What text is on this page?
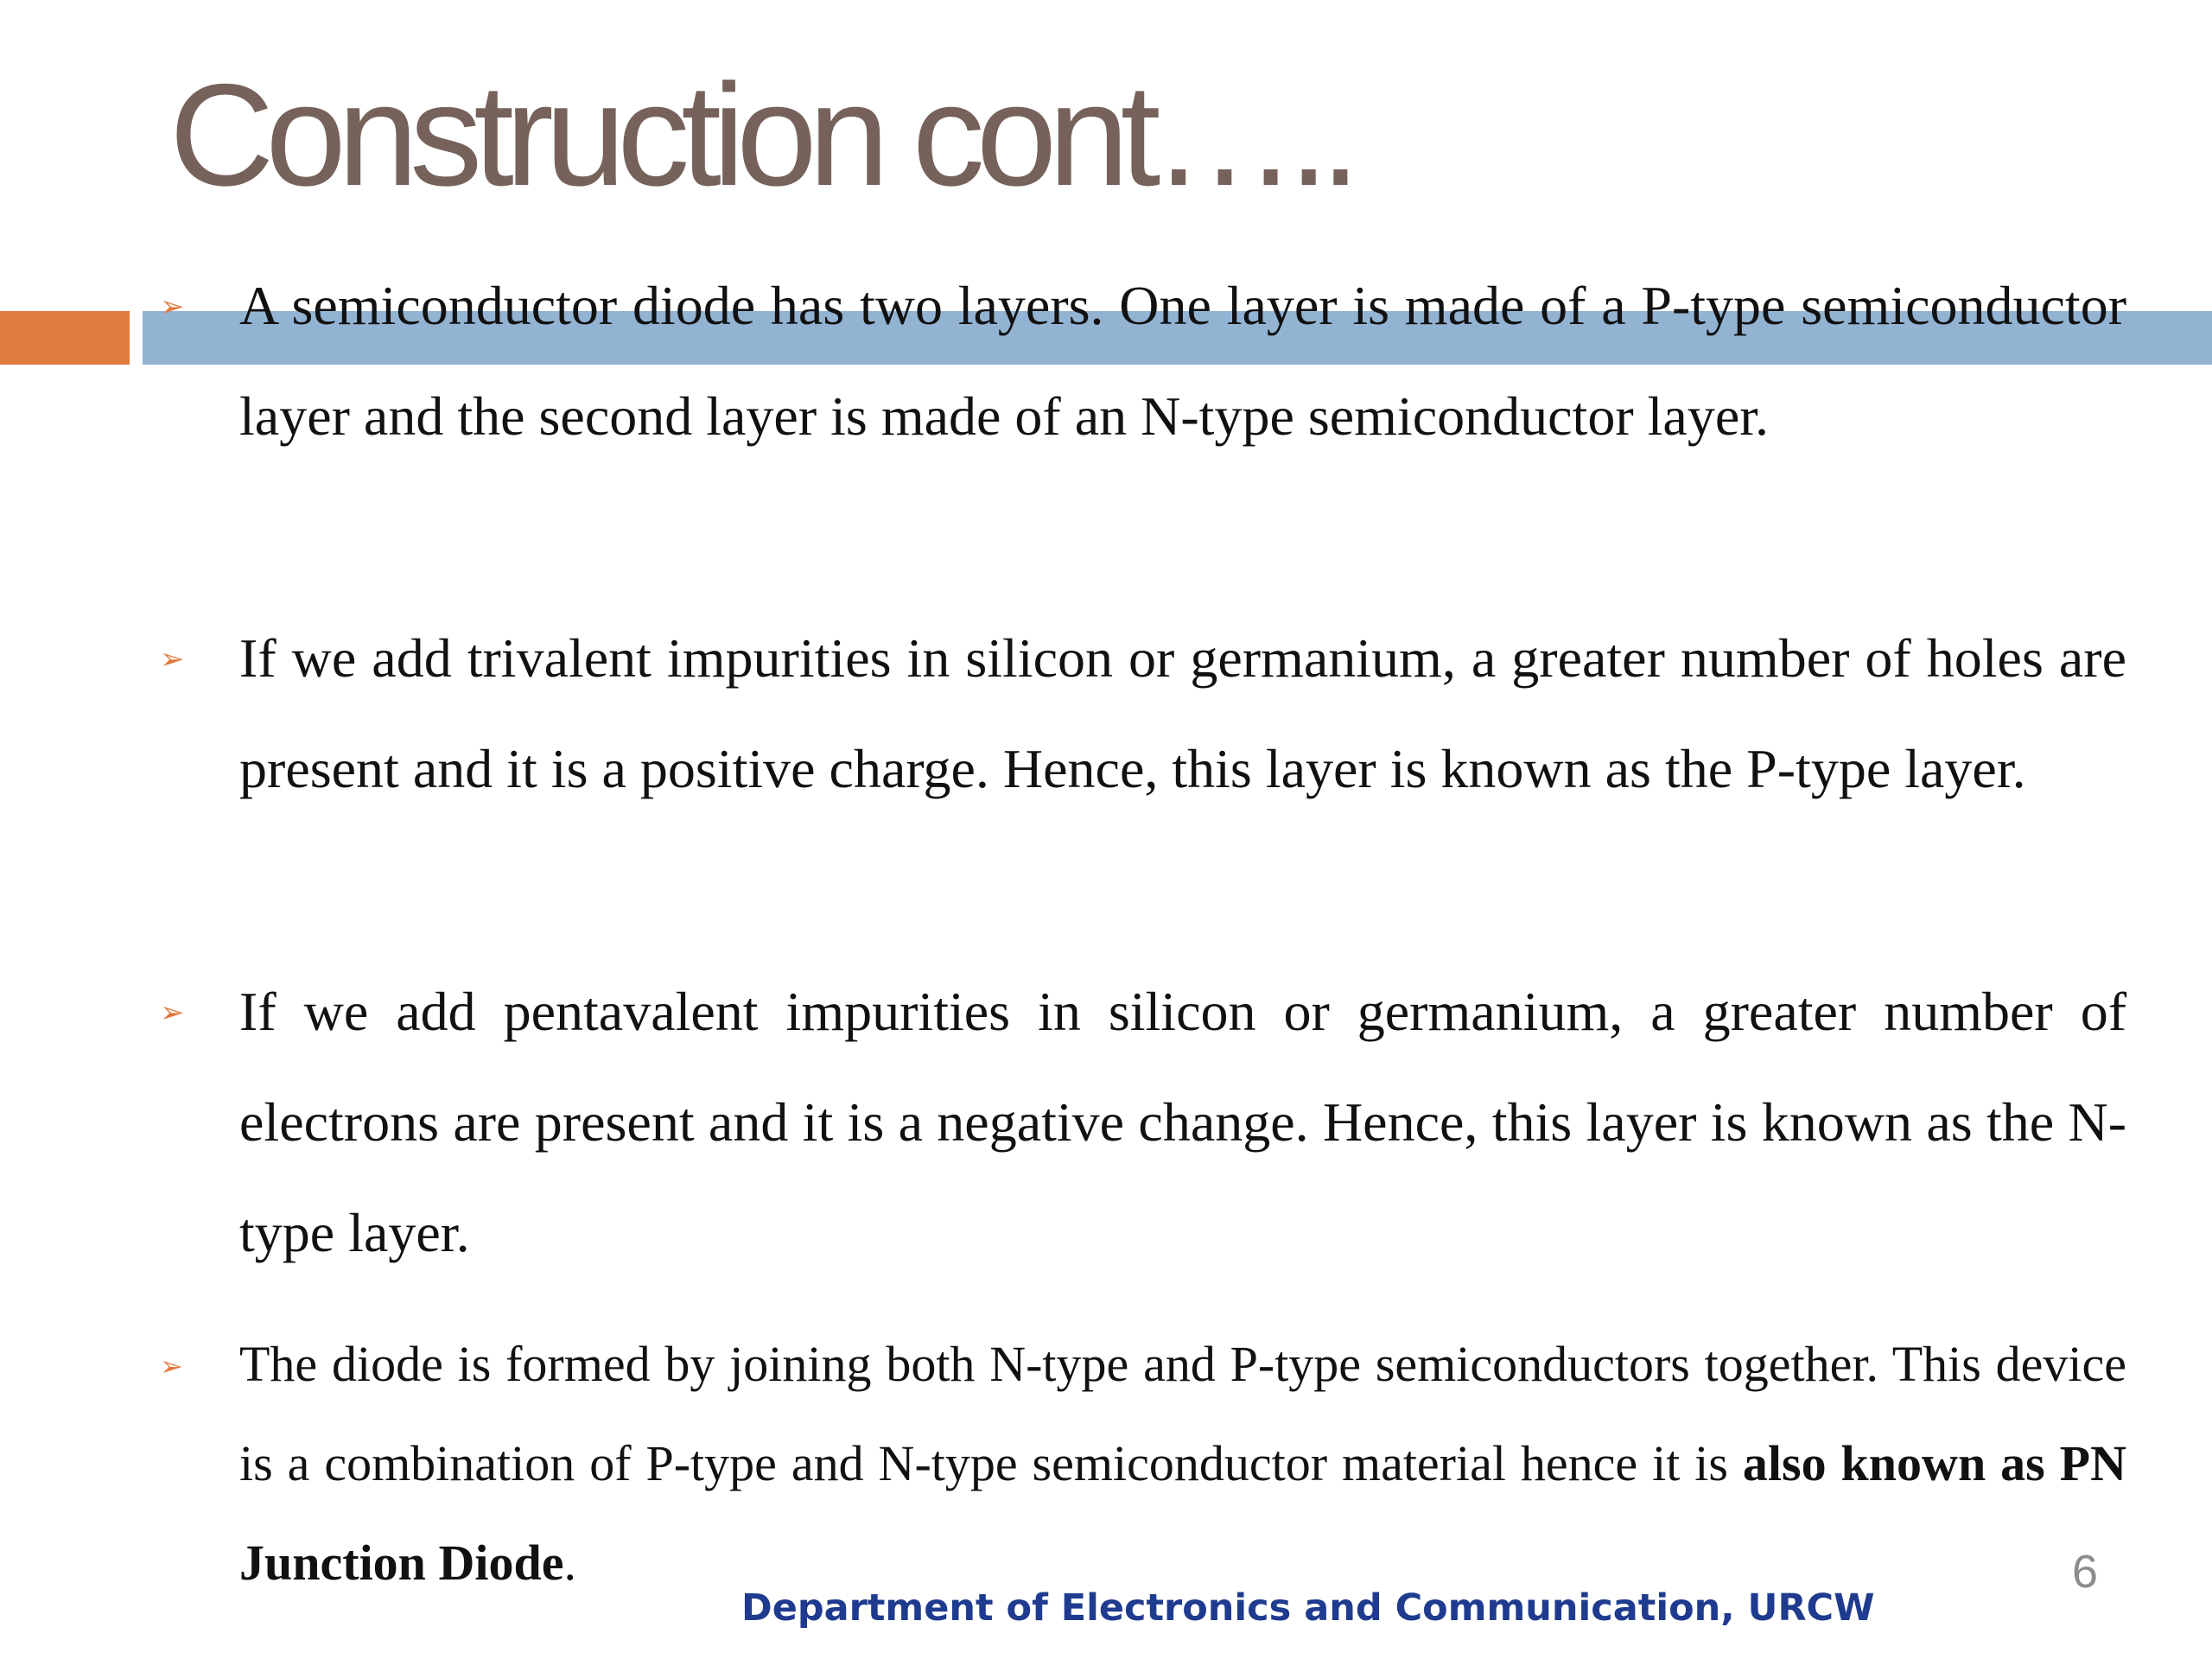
Construction cont…..
➢ A semiconductor diode has two layers. One layer is made of a P-type semiconductor layer and the second layer is made of an N-type semiconductor layer.
➢ If we add trivalent impurities in silicon or germanium, a greater number of holes are present and it is a positive charge. Hence, this layer is known as the P-type layer.
➢ If we add pentavalent impurities in silicon or germanium, a greater number of electrons are present and it is a negative change. Hence, this layer is known as the N-type layer.
➢ The diode is formed by joining both N-type and P-type semiconductors together. This device is a combination of P-type and N-type semiconductor material hence it is also known as PN Junction Diode.	6
Department of Electronics and Communication, URCW
